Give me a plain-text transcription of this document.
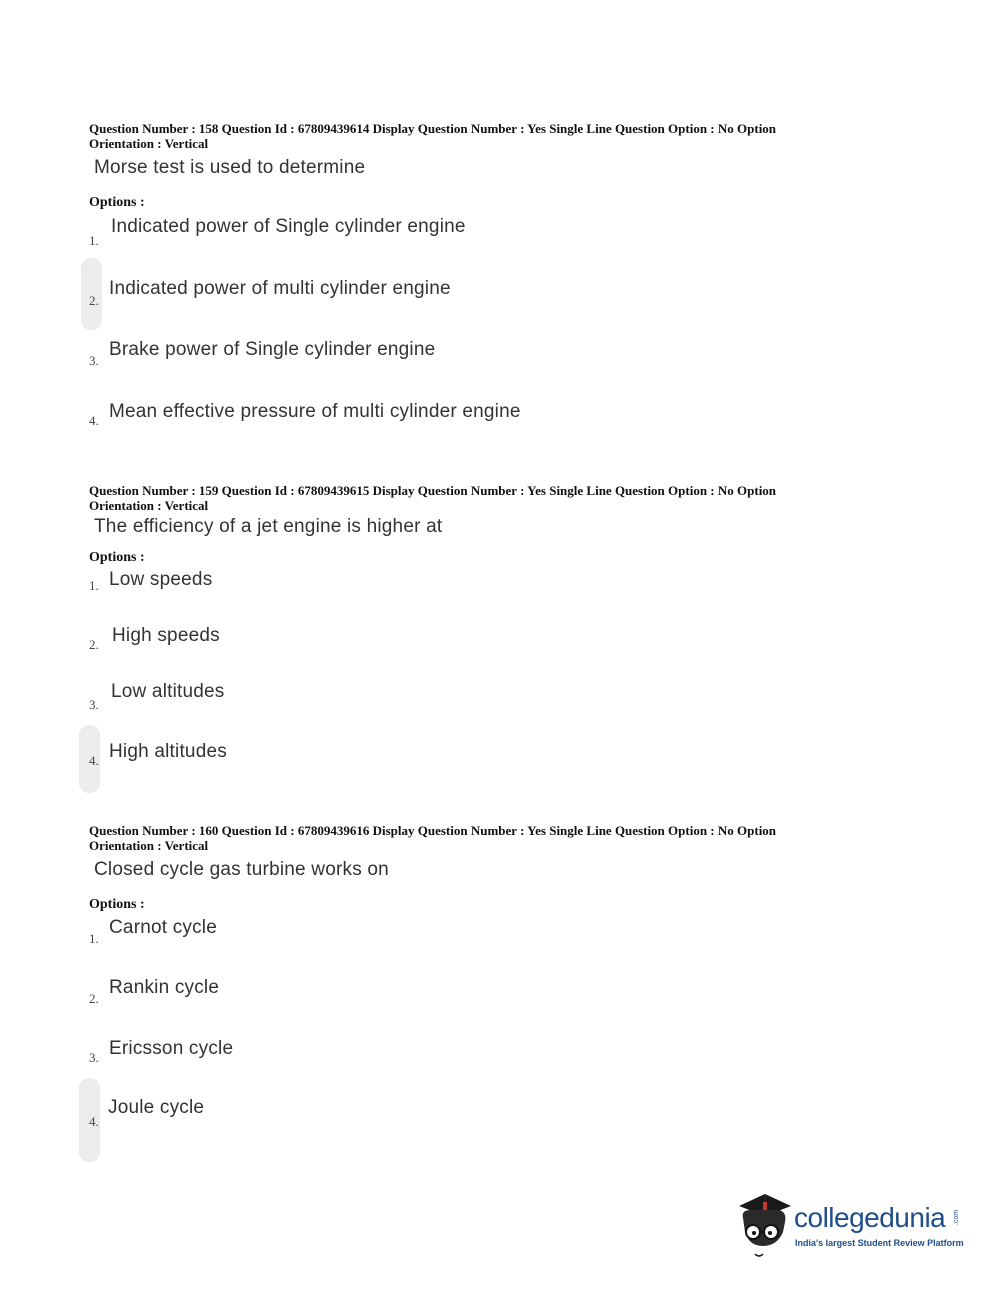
Question Number : 158 Question Id : 67809439614 Display Question Number : Yes Single Line Question Option : No Option
Orientation : Vertical
Morse test is used to determine
Options :
1.
Indicated power of Single cylinder engine
2.
Indicated power of multi cylinder engine
3.
Brake power of Single cylinder engine
4. Mean effective pressure of multi cylinder engine
Question Number : 159 Question Id : 67809439615 Display Question Number : Yes Single Line Question Option : No Option
Orientation : Vertical
The efficiency of a jet engine is higher at
Options :
1. Low speeds
2. High speeds
3.
Low altitudes
4. High altitudes
Question Number : 160 Question Id : 67809439616 Display Question Number : Yes Single Line Question Option : No Option
Orientation : Vertical
Closed cycle gas turbine works on
Options :
1.
Carnot cycle
2.
Rankin cycle
3. Ericsson cycle
4.
Joule cycle
collegedunia .com
India's largest Student Review Platform
